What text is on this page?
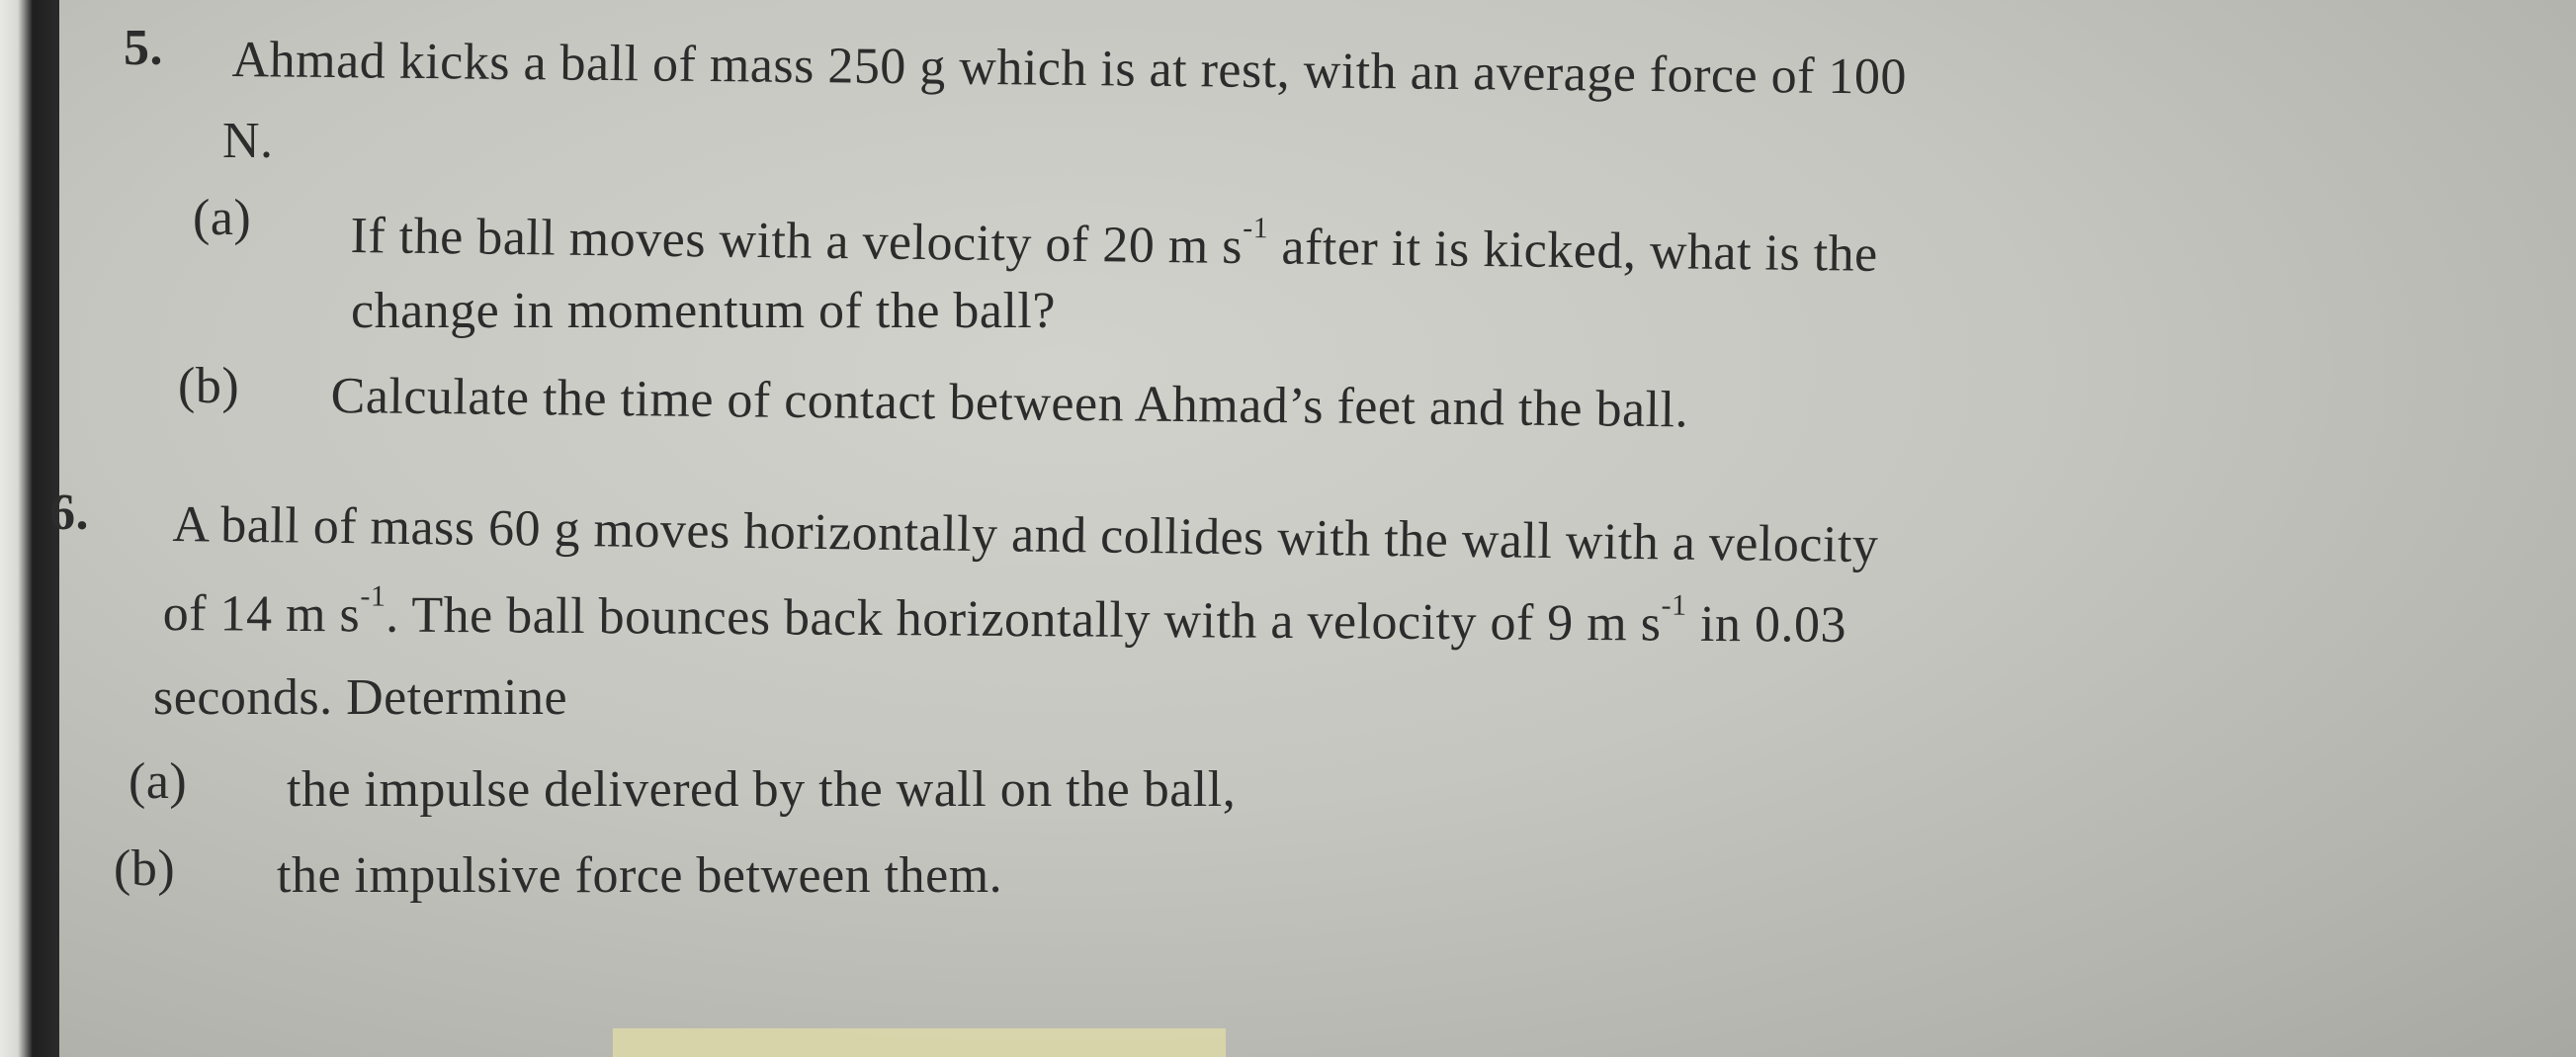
5. Ahmad kicks a ball of mass 250 g which is at rest, with an average force of 100
N.
(a) If the ball moves with a velocity of 20 m $s^{-1}$ after it is kicked, what is the
change in momentum of the ball?
(b) Calculate the time of contact between Ahmad’s feet and the ball.
6. A ball of mass 60 g moves horizontally and collides with the wall with a velocity
of 14 m $s^{-1}$. The ball bounces back horizontally with a velocity of 9 m $s^{-1}$ in 0.03
seconds. Determine
(a) the impulse delivered by the wall on the ball,
(b) the impulsive force between them.
